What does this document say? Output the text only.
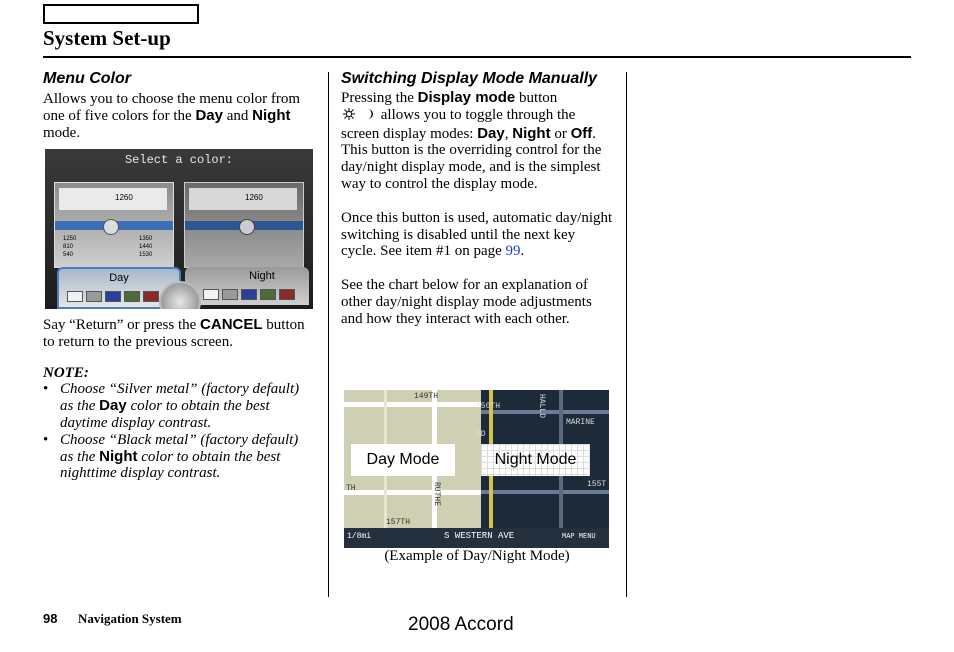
System Set-up
Menu Color

Allows you to choose the menu color from one of five colors for the Day and Night mode.

Select a color:
1260
1250
810
540
1350
1440
1530
1260
Day	Night

Say “Return” or press the CANCEL button to return to the previous screen.

NOTE:
• Choose “Silver metal” (factory default) as the Day color to obtain the best daytime display contrast.
• Choose “Black metal” (factory default) as the Night color to obtain the best nighttime display contrast.
Switching Display Mode Manually

Pressing the Display mode button
allows you to toggle through the screen display modes: Day, Night or Off. This button is the overriding control for the day/night display mode, and is the simplest way to control the display mode.

Once this button is used, automatic day/night switching is disabled until the next key cycle. See item #1 on page 99.

See the chart below for an explanation of other day/night display mode adjustments and how they interact with each other.

149TH
150TH
MARINE
HALLD
ND
TH	RUTHE
157TH
155T
Day Mode	Night Mode
1/8mi	S WESTERN AVE	MAP MENU
(Example of Day/Night Mode)
98 Navigation System	2008 Accord
